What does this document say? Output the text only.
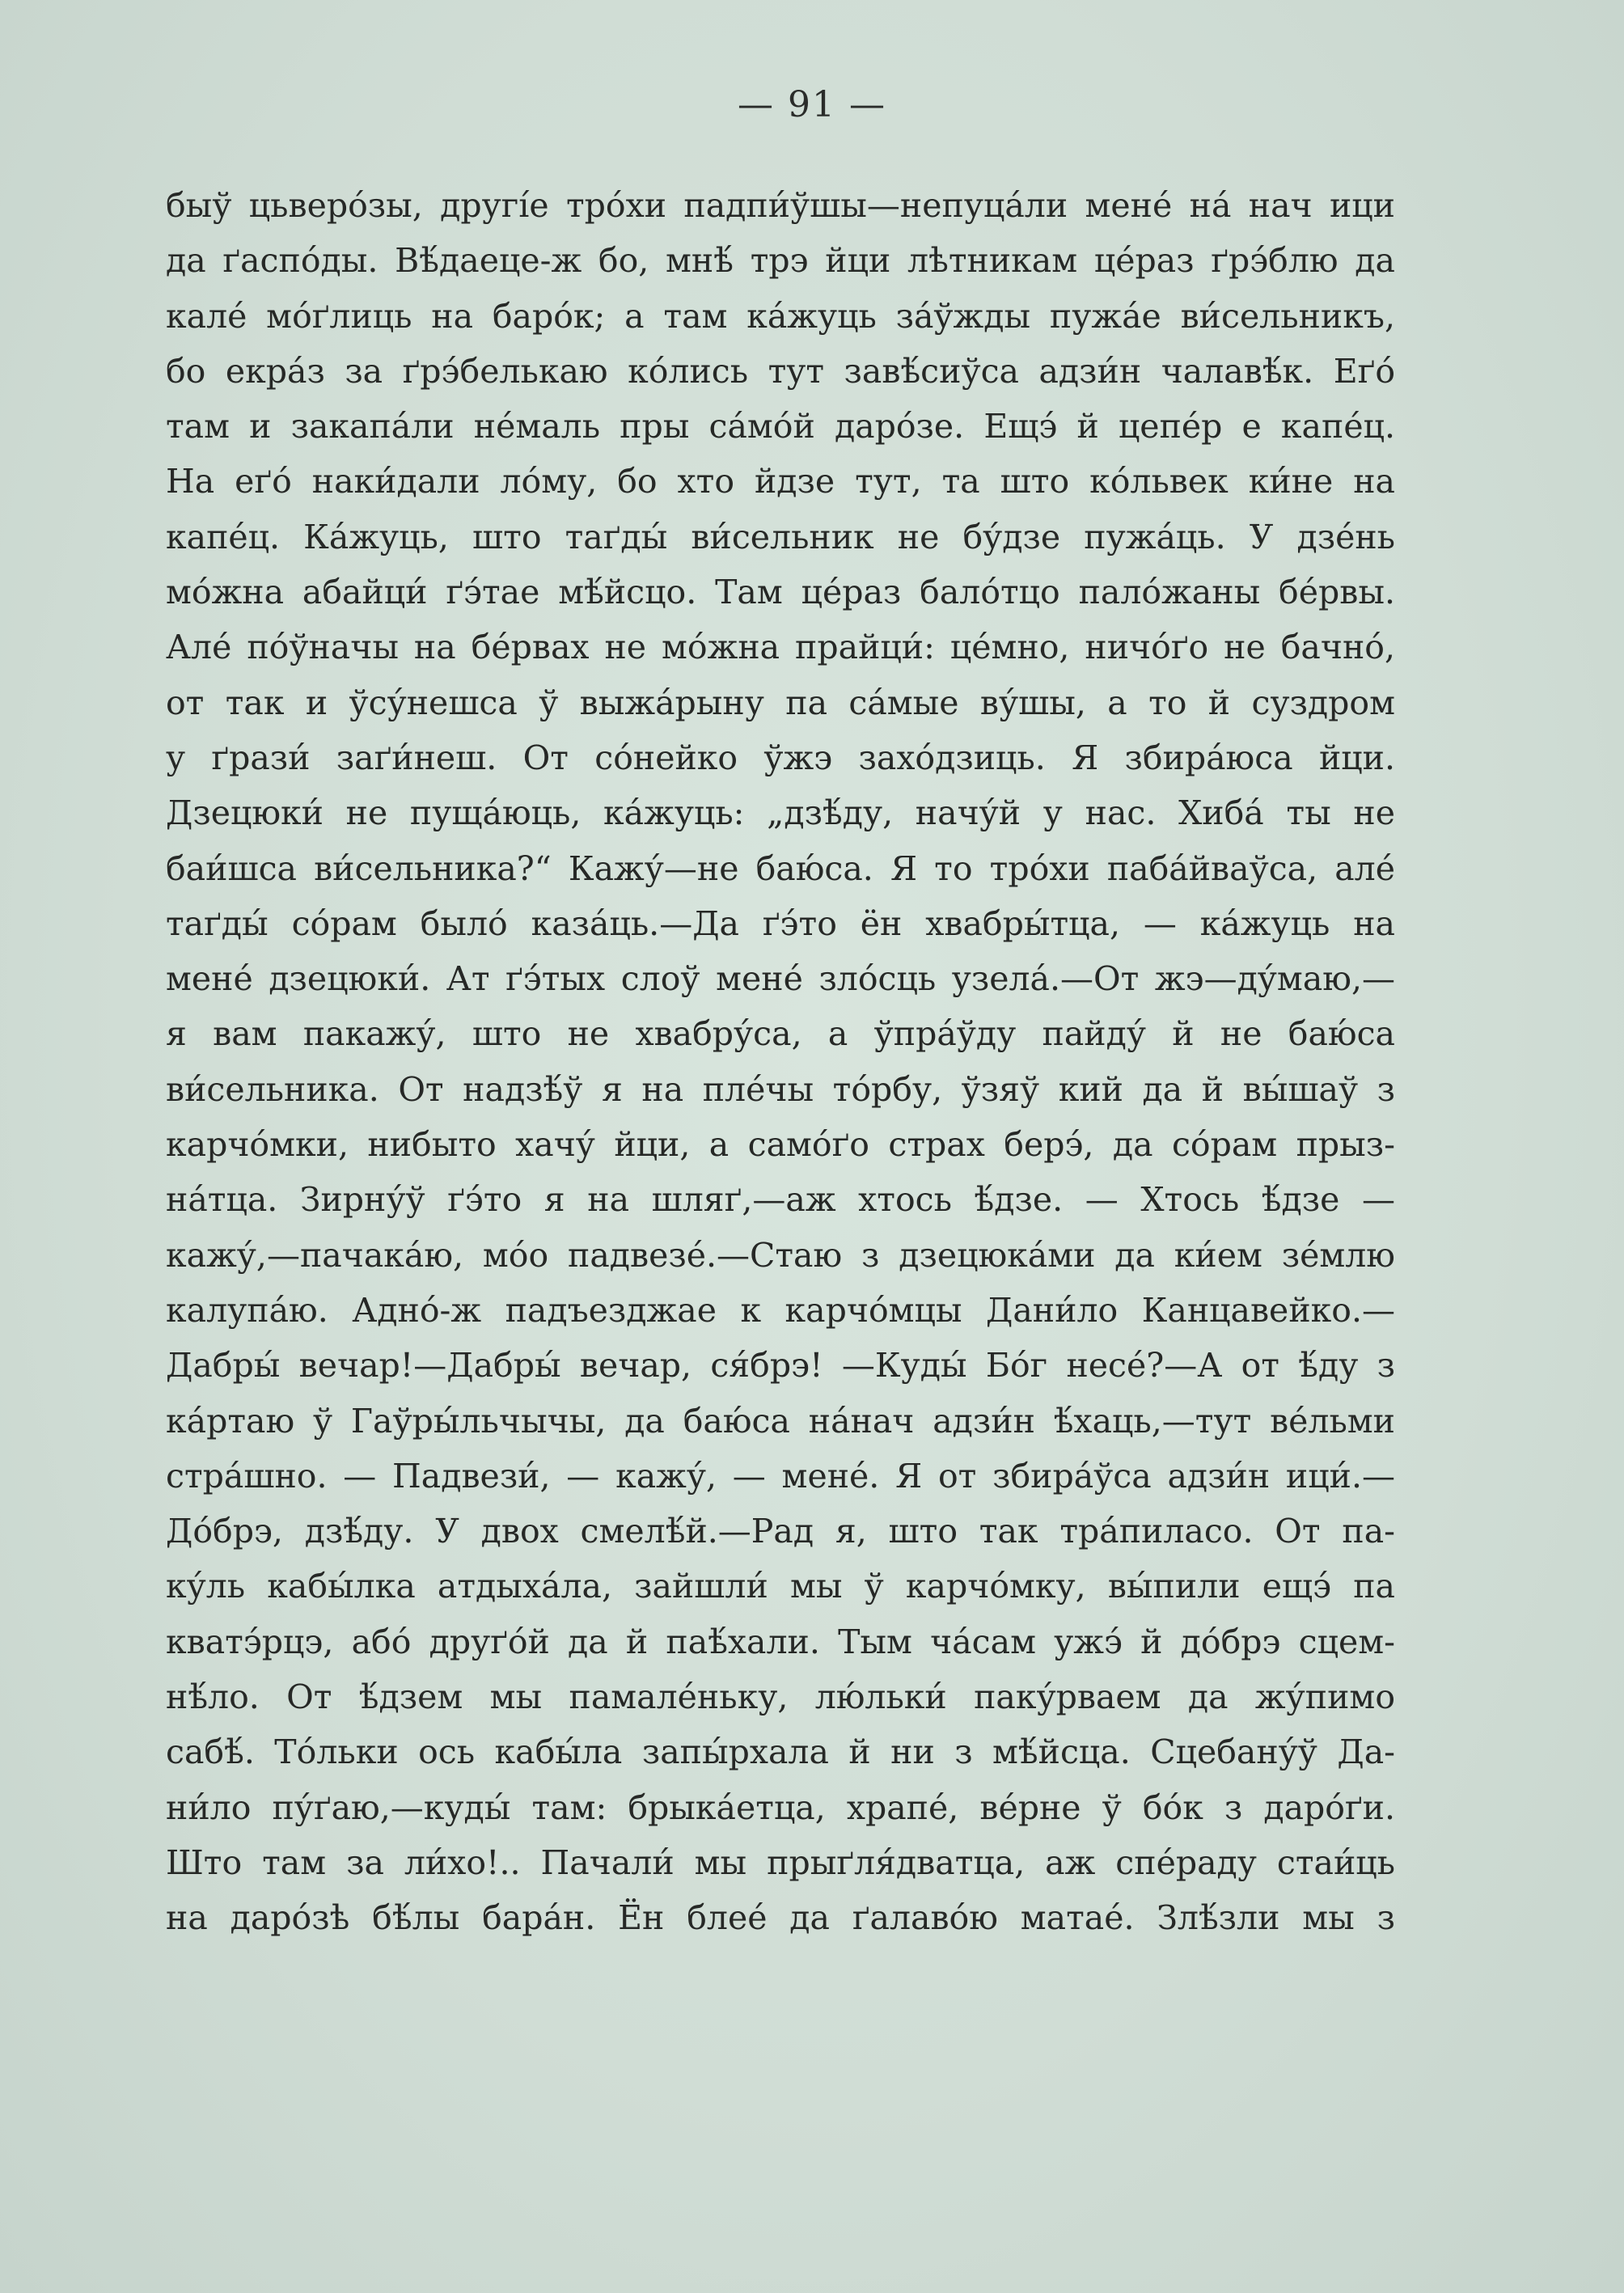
— 91 —
быў цьверо́зы, другі́е тро́хи падпи́ўшы—непуцáли менé нá нач ици
да ґаспо́ды. Вѣ́даеце-ж бо, мнѣ́ трэ йци лѣтникам цéраз ґрэ́блю да
калé мо́ґлиць на баро́к; а там кáжуць зáўжды пужáе ви́сельникъ,
бо екрáз за ґрэ́белькаю ко́лись тут завѣ́сиўса адзи́н чалавѣ́к. Еґо́
там и закапáли нéмаль пры сáмо́й даро́зе. Ещэ́ й цепéр е капéц.
На еґо́ наки́дали ло́му, бо хто йдзе тут, та што ко́львек ки́не на
капéц. Кáжуць, што таґды́ ви́сельник не бу́дзе пужáць. У дзéнь
мо́жна абайци́ ґэ́тае мѣ́йсцо. Там цéраз бало́тцо пало́жаны бéрвы.
Алé по́ўначы на бéрвах не мо́жна прайци́: цéмно, ничо́ґо не бачно́,
от так и ўсу́нешса ў выжáрыну па сáмые ву́шы, а то й суздром
у ґрази́ заґи́неш. От со́нейко ўжэ захо́дзиць. Я збирáюса йци.
Дзецюки́ не пущáюць, кáжуць: „дзѣ́ду, начу́й у нас. Хибá ты не
баи́шса ви́сельника?“ Кажу́—не баю́са. Я то тро́хи пабáйваўса, алé
таґды́ со́рам было́ казáць.—Да ґэ́то ён хвабры́тца, — кáжуць на
менé дзецюки́. Ат ґэ́тых слоў менé зло́сць узелá.—От жэ—ду́маю,—
я вам пакажу́, што не хвабру́са, а ўпрáўду пайду́ й не баю́са
ви́сельника. От надзѣ́ў я на плéчы то́рбу, ўзяў кий да й вы́шаў з
карчо́мки, нибыто хачу́ йци, а само́ґо страх берэ́, да со́рам прыз-
нáтца. Зирну́ў ґэ́то я на шляґ,—аж хтось ѣ́дзе. — Хтось ѣ́дзе —
кажу́,—пачакáю, мо́о падвезé.—Стаю з дзецюкáми да ки́ем зéмлю
калупáю. Адно́-ж падъезджае к карчо́мцы Дани́ло Канцавейко.—
Дабры́ вечар!—Дабры́ вечар, ся́брэ! —Куды́ Бо́г несé?—А от ѣ́ду з
кáртаю ў Гаўры́льчычы, да баю́са нáнач адзи́н ѣ́хаць,—тут вéльми
стрáшно. — Падвези́, — кажу́, — менé. Я от збирáўса адзи́н ици́.—
До́брэ, дзѣ́ду. У двох смелѣ́й.—Рад я, што так трáпиласо. От па-
ку́ль кабы́лка атдыхáла, зайшли́ мы ў карчо́мку, вы́пили ещэ́ па
кватэ́рцэ, або́ друґо́й да й паѣ́хали. Тым чáсам ужэ́ й до́брэ сцем-
нѣ́ло. От ѣ́дзем мы памалéньку, лю́льки́ паку́рваем да жу́пимо
сабѣ́. То́льки ось кабы́ла запы́рхала й ни з мѣ́йсца. Сцебану́ў Да-
ни́ло пу́ґаю,—куды́ там: брыкáетца, храпé, вéрне ў бо́к з даро́ґи.
Што там за ли́хо!.. Пачали́ мы прыґля́дватца, аж спéраду стаи́ць
на даро́зѣ бѣ́лы бара́н. Ён блеé да ґалаво́ю матаé. Злѣ́зли мы з
